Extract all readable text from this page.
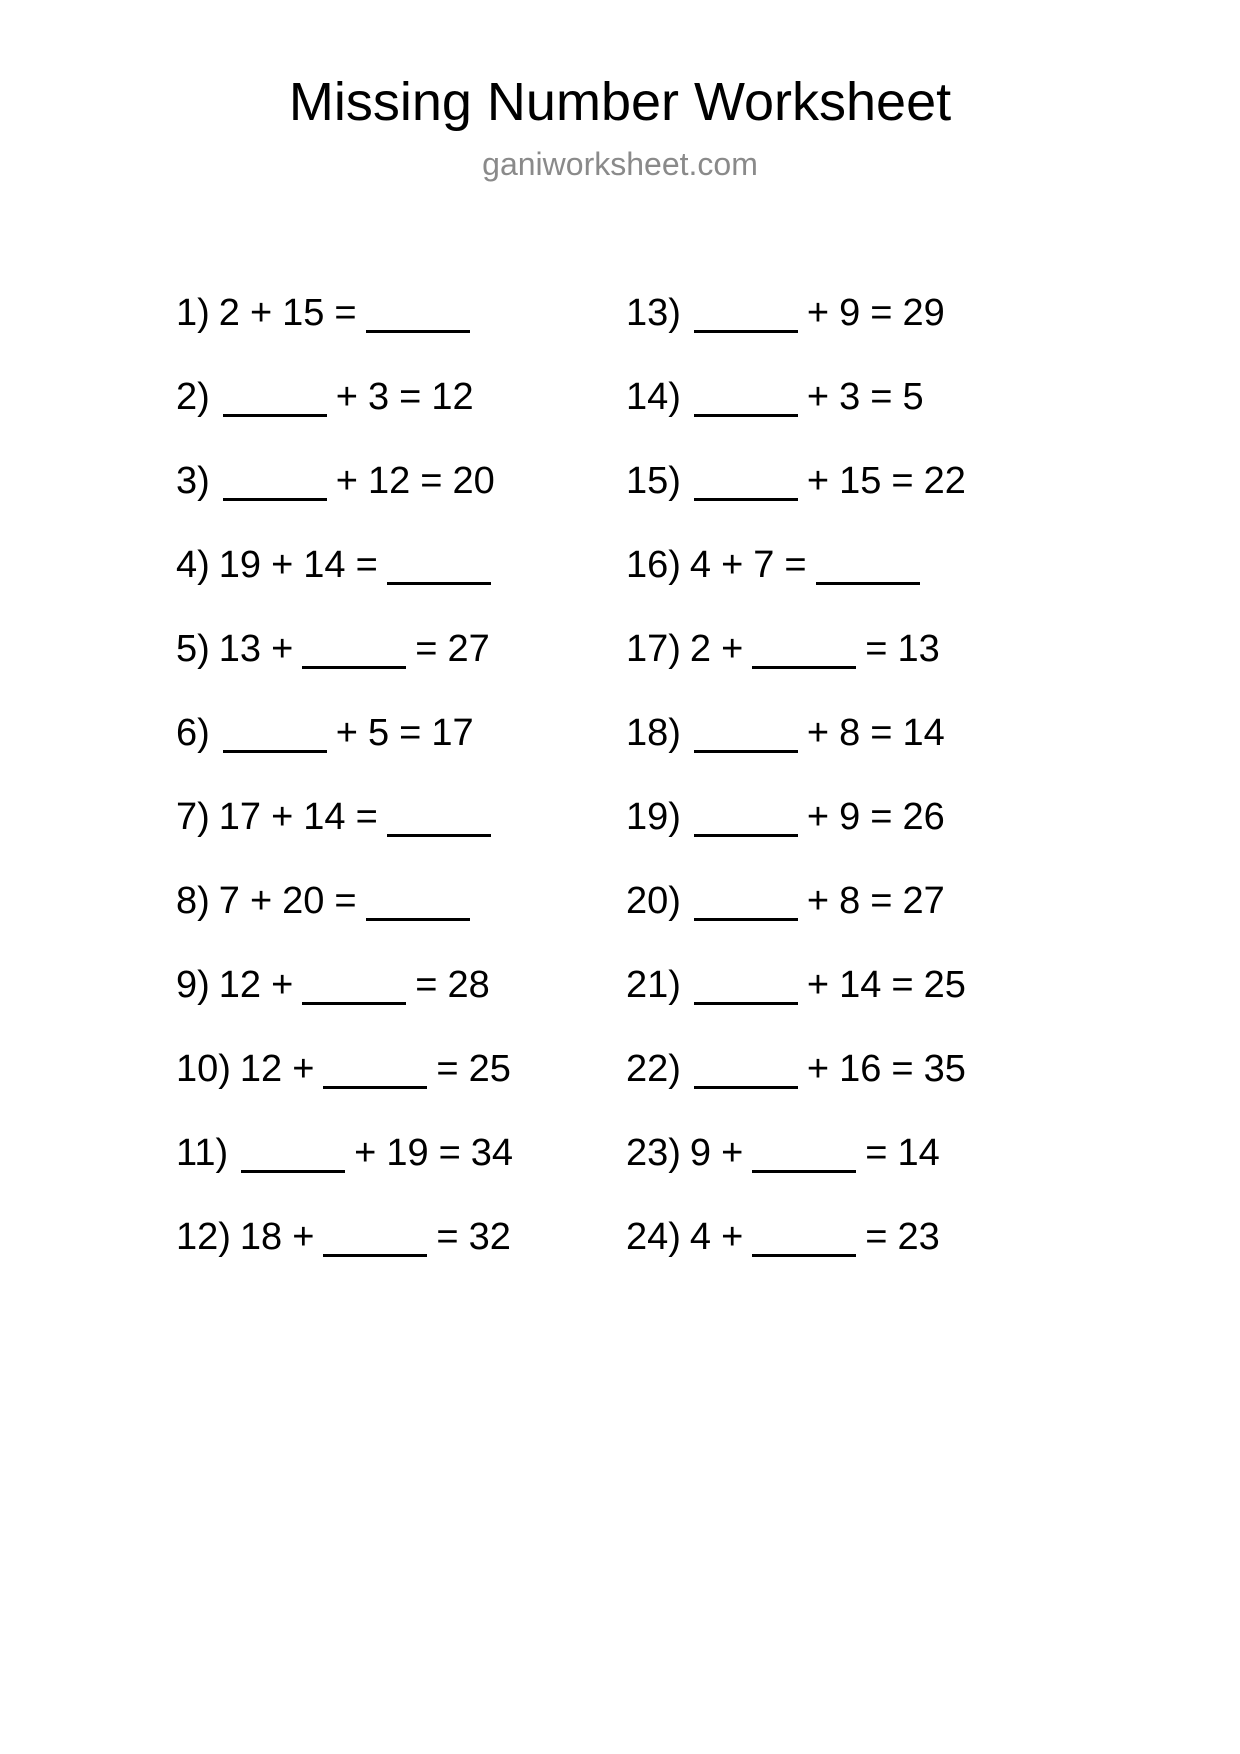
Missing Number Worksheet
ganiworksheet.com
1) 2 + 15 =
2)	+ 3 = 12
3)	+ 12 = 20
4) 19 + 14 =
5) 13 +	= 27
6)	+ 5 = 17
7) 17 + 14 =
8) 7 + 20 =
9) 12 +	= 28
10) 12 +	= 25
11)	+ 19 = 34
12) 18 +	= 32
13)	+ 9 = 29
14)	+ 3 = 5
15)	+ 15 = 22
16) 4 + 7 =
17) 2 +	= 13
18)	+ 8 = 14
19)	+ 9 = 26
20)	+ 8 = 27
21)	+ 14 = 25
22)	+ 16 = 35
23) 9 +	= 14
24) 4 +	= 23
